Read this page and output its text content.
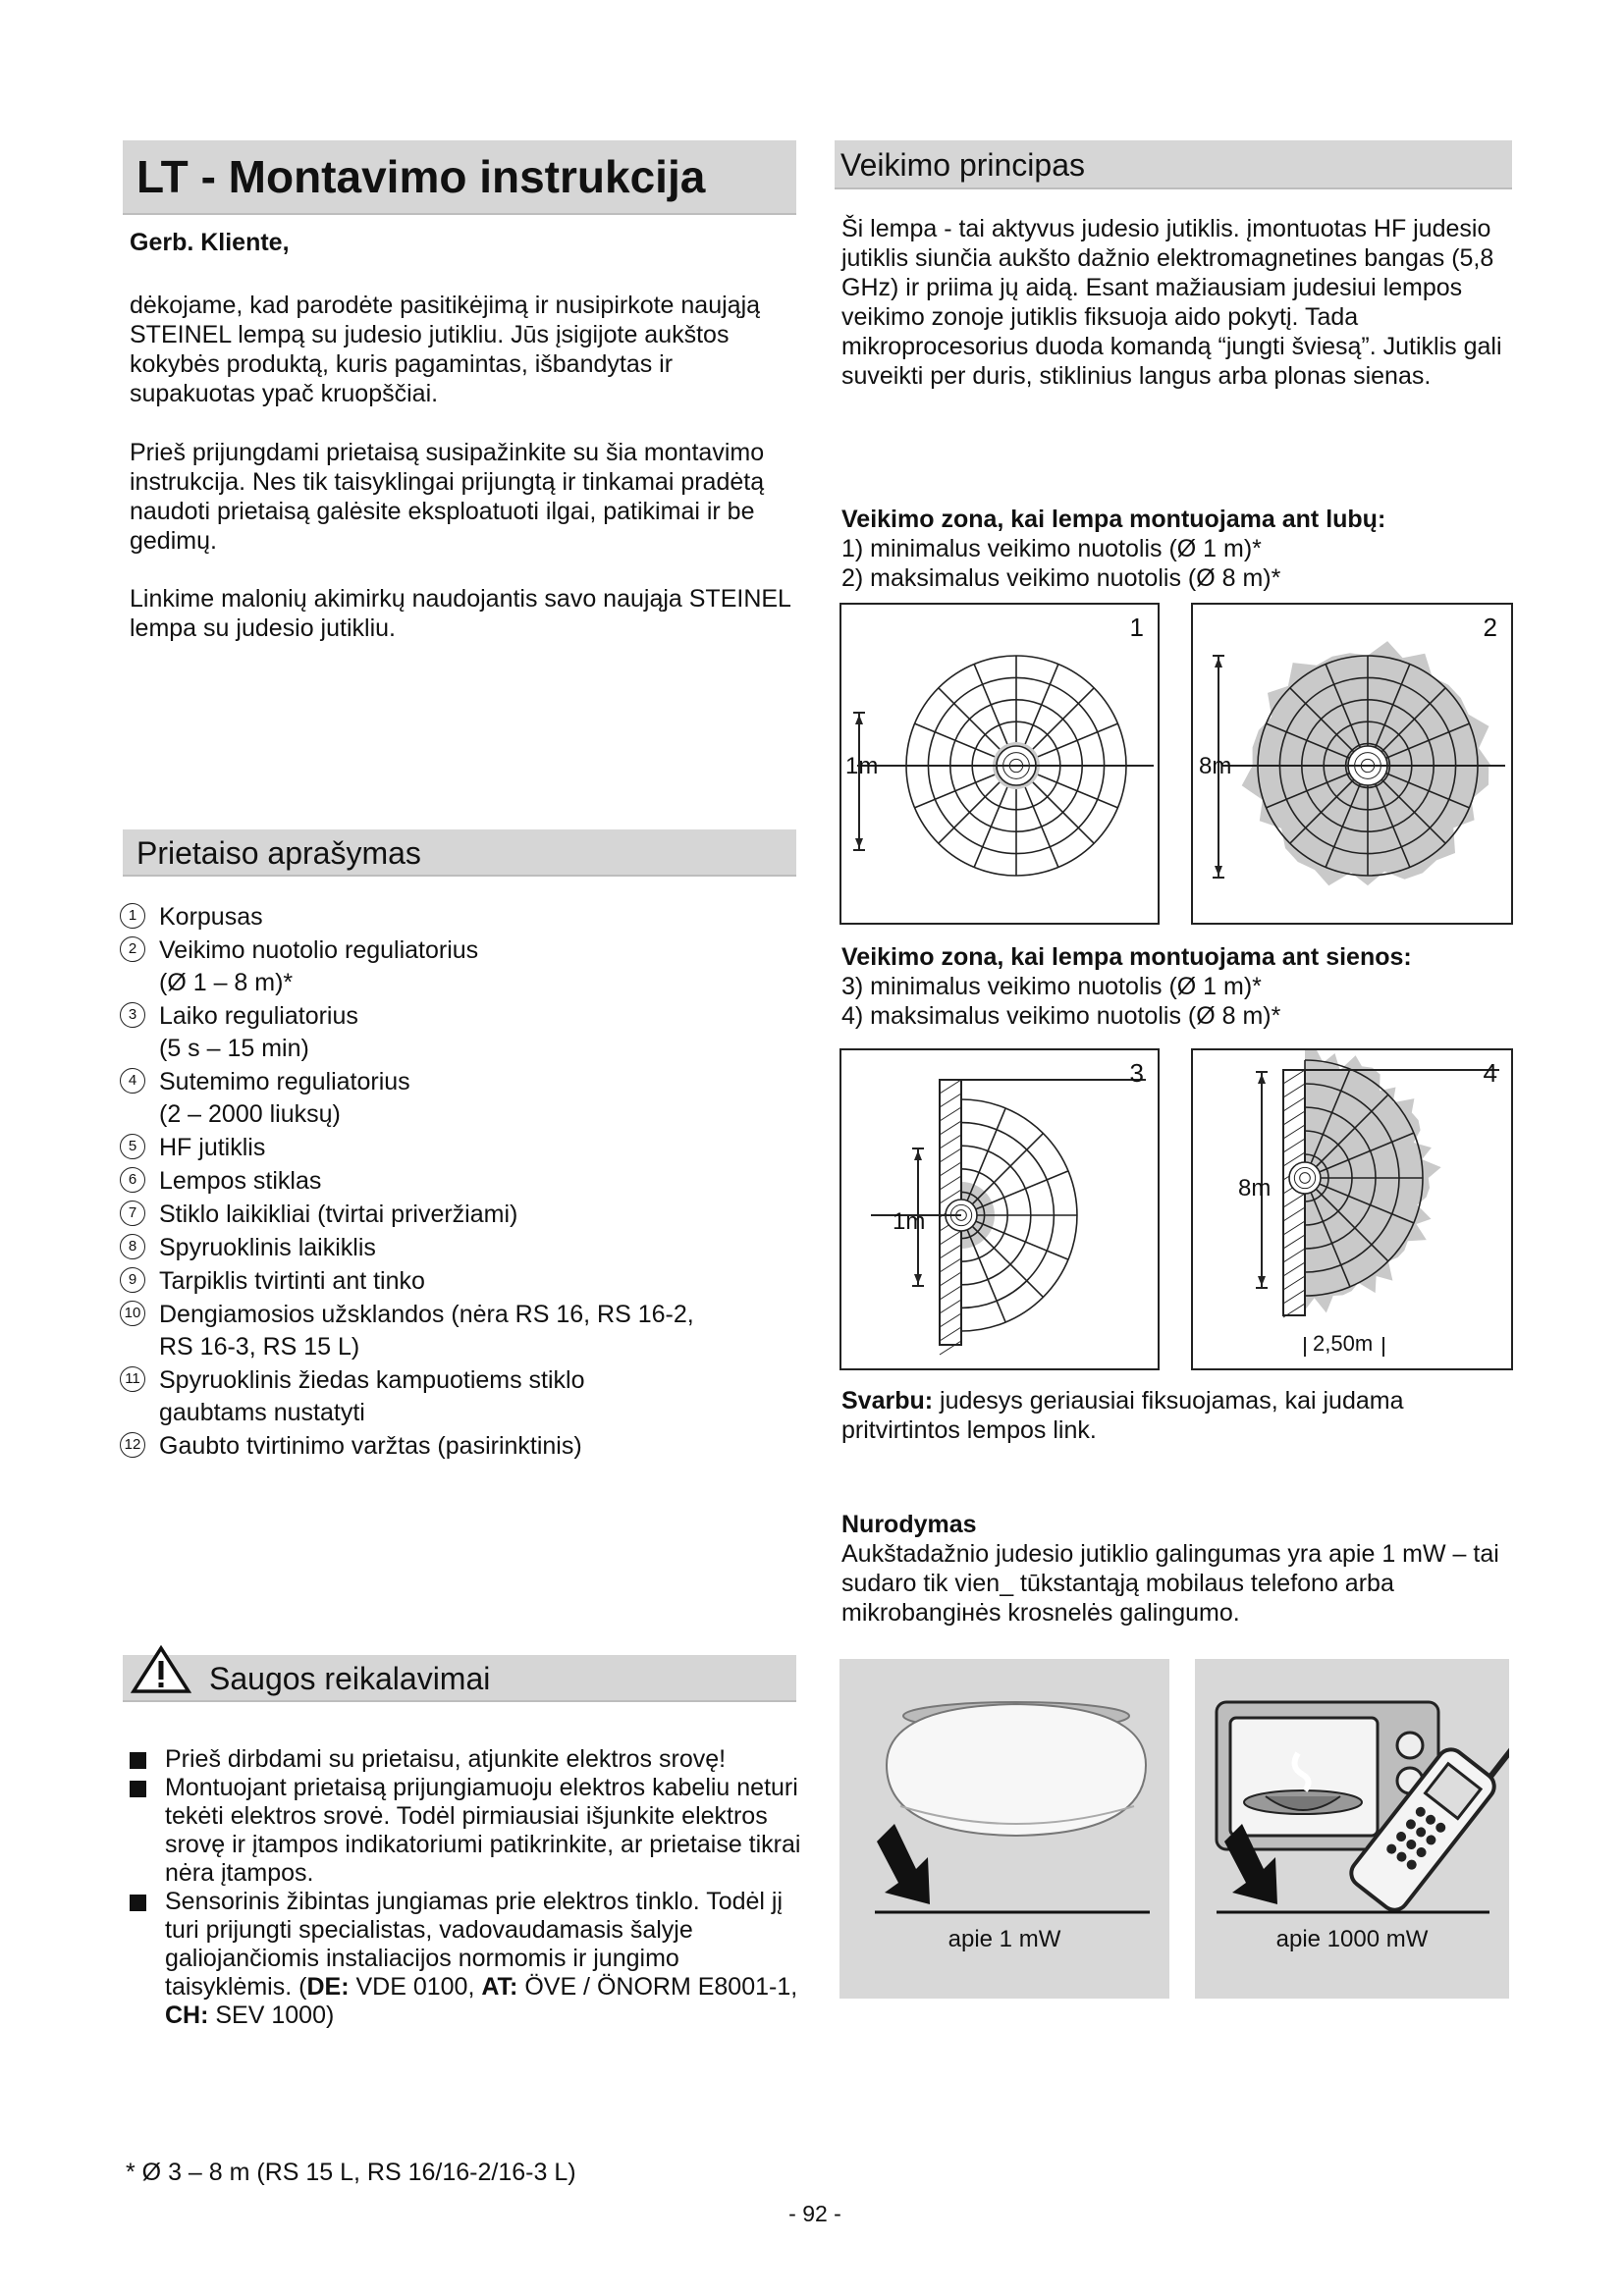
LT - Montavimo instrukcija
Gerb. Kliente,
dėkojame, kad parodėte pasitikėjimą ir nusipirkote naująją STEINEL lempą su judesio jutikliu. Jūs įsigijote aukštos kokybės produktą, kuris pagamintas, išbandytas ir supakuotas ypač kruopščiai.
Prieš prijungdami prietaisą susipažinkite su šia montavimo instrukcija. Nes tik taisyklingai prijungtą ir tinkamai pradėtą naudoti prietaisą galėsite eksploatuoti ilgai, patikimai ir be gedimų.
Linkime malonių akimirkų naudojantis savo naująja STEINEL lempa su judesio jutikliu.
Prietaiso aprašymas
1 Korpusas
2 Veikimo nuotolio reguliatorius
(Ø 1 – 8 m)*
3 Laiko reguliatorius
(5 s – 15 min)
4 Sutemimo reguliatorius
(2 – 2000 liuksų)
5 HF jutiklis
6 Lempos stiklas
7 Stiklo laikikliai (tvirtai priveržiami)
8 Spyruoklinis laikiklis
9 Tarpiklis tvirtinti ant tinko
10 Dengiamosios užsklandos (nėra RS 16, RS 16-2,
RS 16-3, RS 15 L)
11 Spyruoklinis žiedas kampuotiems stiklo
gaubtams nustatyti
12 Gaubto tvirtinimo varžtas (pasirinktinis)
Saugos reikalavimai
Prieš dirbdami su prietaisu, atjunkite elektros srovę!
Montuojant prietaisą prijungiamuoju elektros kabeliu neturi tekėti elektros srovė. Todėl pirmiausiai išjunkite elektros srovę ir įtampos indikatoriumi patikrinkite, ar prietaise tikrai nėra įtampos.
Sensorinis žibintas jungiamas prie elektros tinklo. Todėl jį turi prijungti specialistas, vadovaudamasis šalyje galiojančiomis instaliacijos normomis ir jungimo taisyklėmis. (DE: VDE 0100, AT: ÖVE / ÖNORM E8001-1, CH: SEV 1000)
* Ø 3 – 8 m (RS 15 L, RS 16/16-2/16-3 L)
- 92 -
Veikimo principas
Ši lempa - tai aktyvus judesio jutiklis. įmontuotas HF judesio jutiklis siunčia aukšto dažnio elektromagnetines bangas (5,8 GHz) ir priima jų aidą. Esant mažiausiam judesiui lempos veikimo zonoje jutiklis fiksuoja aido pokytį. Tada mikroprocesorius duoda komandą “jungti šviesą”. Jutiklis gali suveikti per duris, stiklinius langus arba plonas sienas.
Veikimo zona, kai lempa montuojama ant lubų:
1) minimalus veikimo nuotolis (Ø 1 m)*
2) maksimalus veikimo nuotolis (Ø 8 m)*
1m
1
8m
2
Veikimo zona, kai lempa montuojama ant sienos:
3) minimalus veikimo nuotolis (Ø 1 m)*
4) maksimalus veikimo nuotolis (Ø 8 m)*
1m
3
8m
2,50m
4
Svarbu: judesys geriausiai fiksuojamas, kai judama pritvirtintos lempos link.
Nurodymas
Aukštadažnio judesio jutiklio galingumas yra apie 1 mW – tai sudaro tik vien_ tūkstantąją mobilaus telefono arba mikrobangінės krosnelės galingumo.
apie 1 mW	apie 1000 mW
